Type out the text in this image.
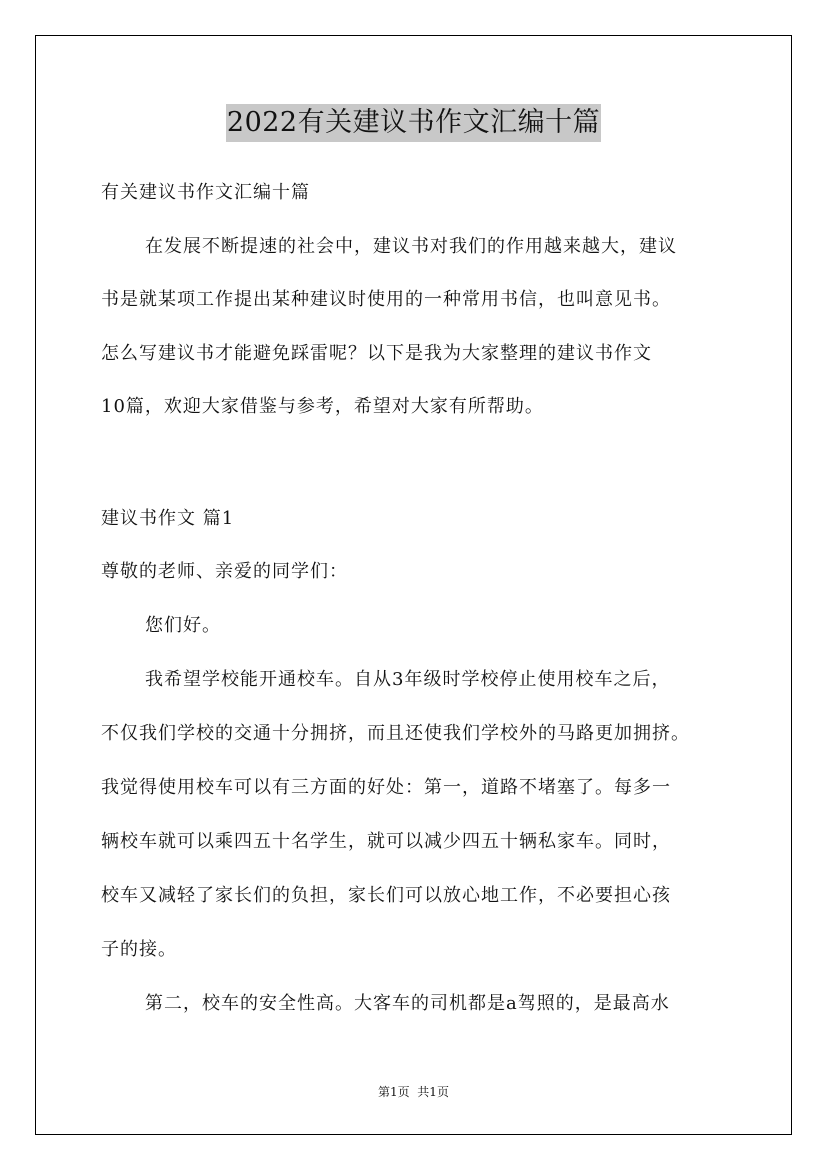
2022有关建议书作文汇编十篇
有关建议书作文汇编十篇
在发展不断提速的社会中，建议书对我们的作用越来越大，建议
书是就某项工作提出某种建议时使用的一种常用书信，也叫意见书。
怎么写建议书才能避免踩雷呢？以下是我为大家整理的建议书作文
10篇，欢迎大家借鉴与参考，希望对大家有所帮助。
建议书作文 篇1
尊敬的老师、亲爱的同学们：
您们好。
我希望学校能开通校车。自从3年级时学校停止使用校车之后，
不仅我们学校的交通十分拥挤，而且还使我们学校外的马路更加拥挤。
我觉得使用校车可以有三方面的好处：第一，道路不堵塞了。每多一
辆校车就可以乘四五十名学生，就可以减少四五十辆私家车。同时，
校车又减轻了家长们的负担，家长们可以放心地工作，不必要担心孩
子的接。
第二，校车的安全性高。大客车的司机都是a驾照的，是最高水
第1页  共1页
